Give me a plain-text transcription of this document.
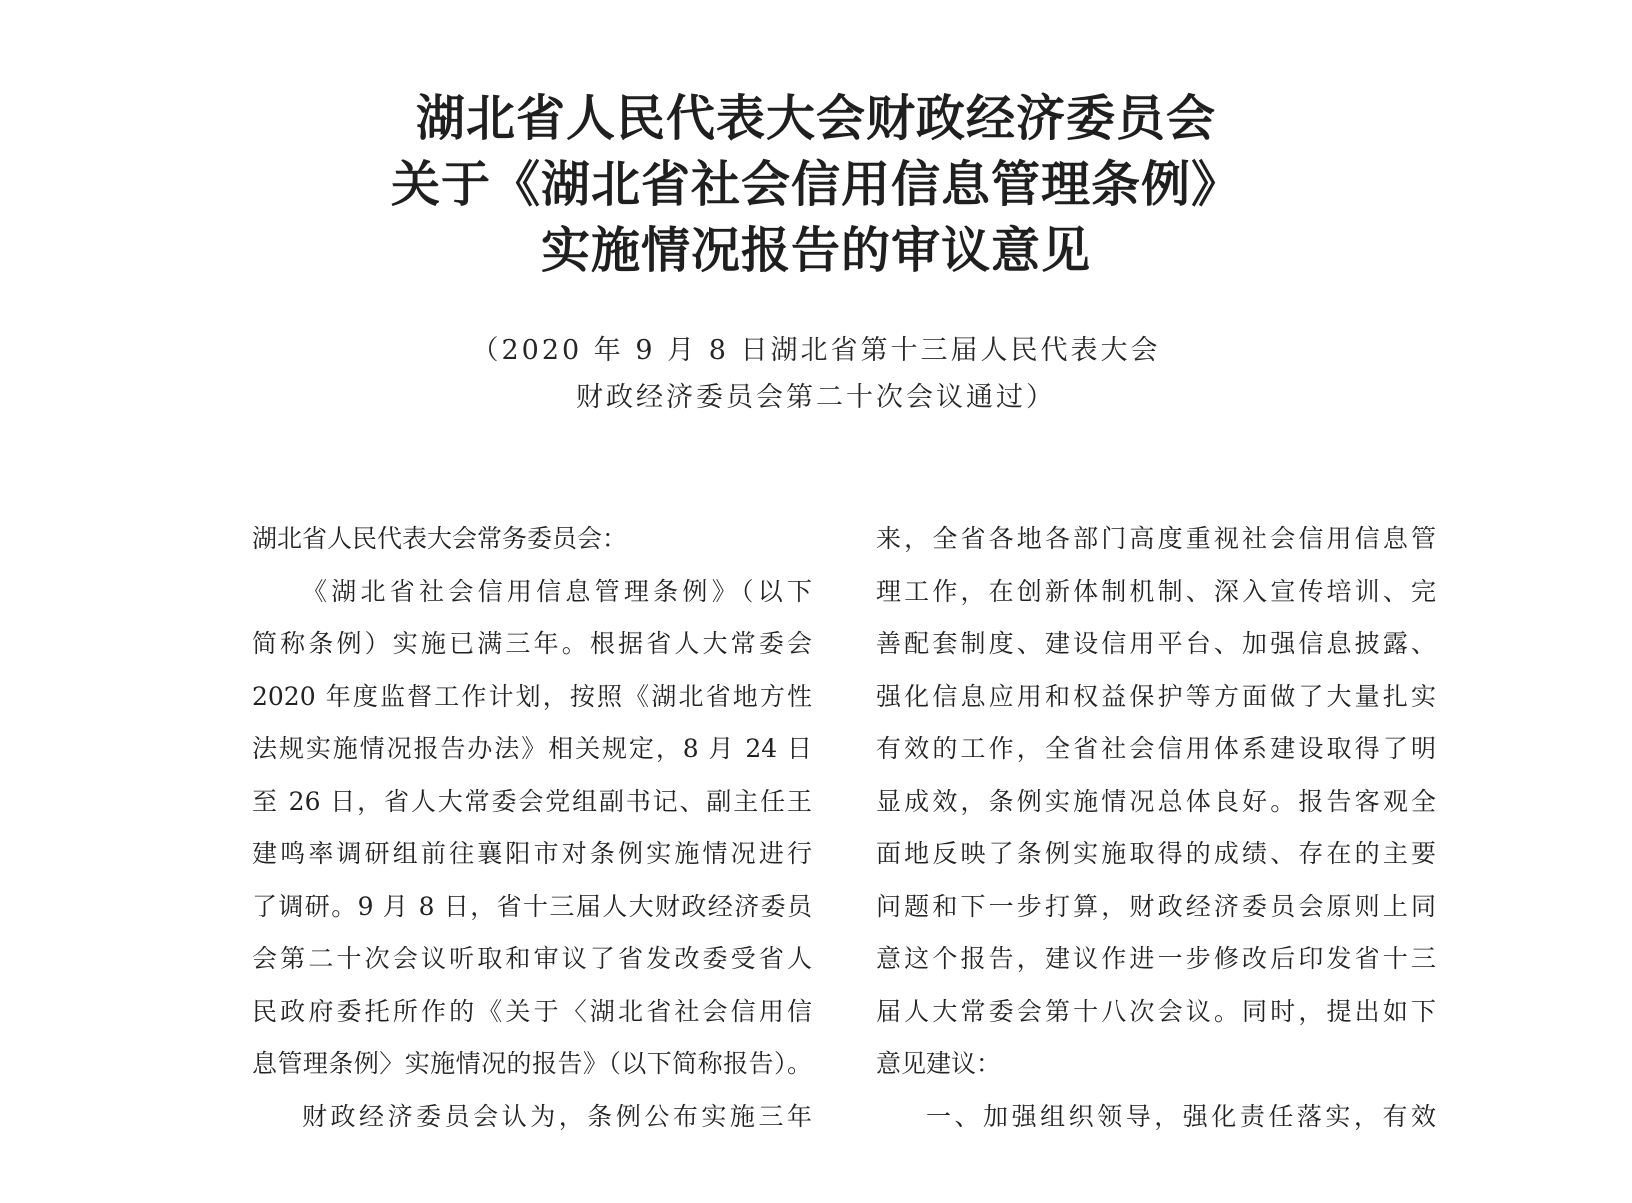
湖北省人民代表大会财政经济委员会
关于《湖北省社会信用信息管理条例》
实施情况报告的审议意见
（2020 年 9 月 8 日湖北省第十三届人民代表大会
财政经济委员会第二十次会议通过）
湖北省人民代表大会常务委员会：
《湖北省社会信用信息管理条例》（以下
简称条例）实施已满三年。根据省人大常委会
2020 年度监督工作计划，按照《湖北省地方性
法规实施情况报告办法》相关规定，8 月 24 日
至 26 日，省人大常委会党组副书记、副主任王
建鸣率调研组前往襄阳市对条例实施情况进行
了调研。9 月 8 日，省十三届人大财政经济委员
会第二十次会议听取和审议了省发改委受省人
民政府委托所作的《关于〈湖北省社会信用信
息管理条例〉实施情况的报告》（以下简称报告）。
财政经济委员会认为，条例公布实施三年
来，全省各地各部门高度重视社会信用信息管
理工作，在创新体制机制、深入宣传培训、完
善配套制度、建设信用平台、加强信息披露、
强化信息应用和权益保护等方面做了大量扎实
有效的工作，全省社会信用体系建设取得了明
显成效，条例实施情况总体良好。报告客观全
面地反映了条例实施取得的成绩、存在的主要
问题和下一步打算，财政经济委员会原则上同
意这个报告，建议作进一步修改后印发省十三
届人大常委会第十八次会议。同时，提出如下
意见建议：
一、加强组织领导，强化责任落实，有效
